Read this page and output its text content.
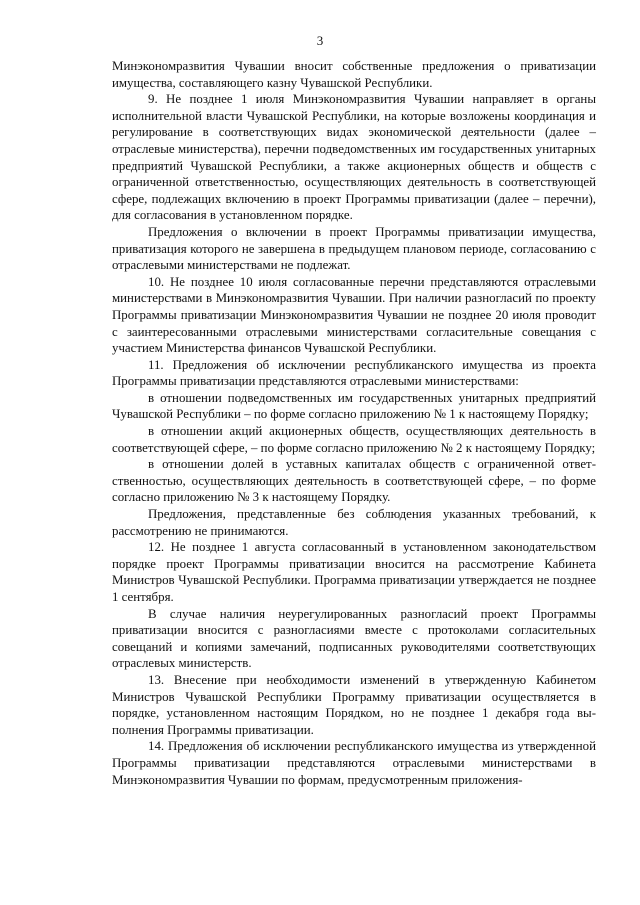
3

Минэкономразвития Чувашии вносит собственные предложения о приватизации имущества, составляющего казну Чувашской Республики.

9. Не позднее 1 июля Минэкономразвития Чувашии направляет в органы исполнительной власти Чувашской Республики, на которые возложены координация и регулирование в соответствующих видах экономической деятельности (далее – отраслевые министерства), перечни подведомственных им государственных унитарных предприятий Чувашской Республики, а также акционерных обществ и обществ с ограниченной ответственностью, осуществляющих деятельность в соответствующей сфере, подлежащих включению в проект Программы приватизации (далее – перечни), для согласования в установленном порядке.

Предложения о включении в проект Программы приватизации имущества, приватизация которого не завершена в предыдущем плановом периоде, согласованию с отраслевыми министерствами не подлежат.

10. Не позднее 10 июля согласованные перечни представляются отраслевыми министерствами в Минэкономразвития Чувашии. При наличии разногласий по проекту Программы приватизации Минэкономразвития Чувашии не позднее 20 июля проводит с заинтересованными отраслевыми министерствами согласительные совещания с участием Министерства финансов Чувашской Республики.

11. Предложения об исключении республиканского имущества из проекта Программы приватизации представляются отраслевыми министерствами:

в отношении подведомственных им государственных унитарных предприятий Чувашской Республики – по форме согласно приложению № 1 к настоящему Порядку;

в отношении акций акционерных обществ, осуществляющих деятельность в соответствующей сфере, – по форме согласно приложению № 2 к настоящему Порядку;

в отношении долей в уставных капиталах обществ с ограниченной ответственностью, осуществляющих деятельность в соответствующей сфере, – по форме согласно приложению № 3 к настоящему Порядку.

Предложения, представленные без соблюдения указанных требований, к рассмотрению не принимаются.

12. Не позднее 1 августа согласованный в установленном законодательством порядке проект Программы приватизации вносится на рассмотрение Кабинета Министров Чувашской Республики. Программа приватизации утверждается не позднее 1 сентября.

В случае наличия неурегулированных разногласий проект Программы приватизации вносится с разногласиями вместе с протоколами согласительных совещаний и копиями замечаний, подписанных руководителями соответствующих отраслевых министерств.

13. Внесение при необходимости изменений в утвержденную Кабинетом Министров Чувашской Республики Программу приватизации осуществляется в порядке, установленном настоящим Порядком, но не позднее 1 декабря года выполнения Программы приватизации.

14. Предложения об исключении республиканского имущества из утвержденной Программы приватизации представляются отраслевыми министерствами в Минэкономразвития Чувашии по формам, предусмотренным приложения-
